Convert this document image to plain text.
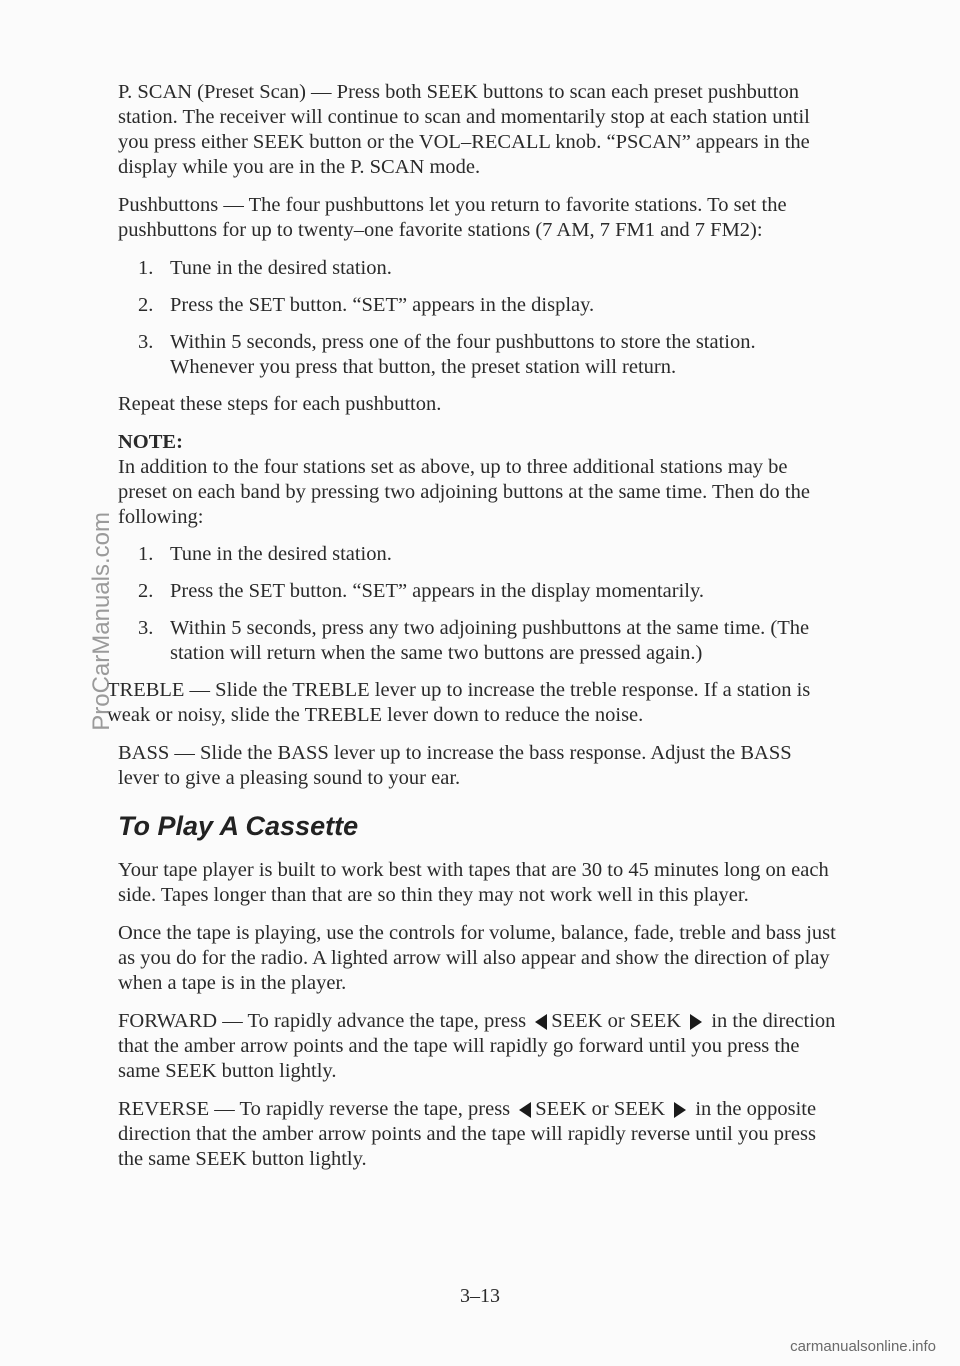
P. SCAN (Preset Scan) — Press both SEEK buttons to scan each preset pushbutton station. The receiver will continue to scan and momentarily stop at each station until you press either SEEK button or the VOL–RECALL knob. “PSCAN” appears in the display while you are in the P. SCAN mode.

Pushbuttons — The four pushbuttons let you return to favorite stations. To set the pushbuttons for up to twenty–one favorite stations (7 AM, 7 FM1 and 7 FM2):

1. Tune in the desired station.
2. Press the SET button. “SET” appears in the display.
3. Within 5 seconds, press one of the four pushbuttons to store the station. Whenever you press that button, the preset station will return.

Repeat these steps for each pushbutton.

NOTE:

In addition to the four stations set as above, up to three additional stations may be preset on each band by pressing two adjoining buttons at the same time. Then do the following:

1. Tune in the desired station.
2. Press the SET button. “SET” appears in the display momentarily.
3. Within 5 seconds, press any two adjoining pushbuttons at the same time. (The station will return when the same two buttons are pressed again.)

TREBLE — Slide the TREBLE lever up to increase the treble response. If a station is weak or noisy, slide the TREBLE lever down to reduce the noise.

BASS — Slide the BASS lever up to increase the bass response. Adjust the BASS lever to give a pleasing sound to your ear.

To Play A Cassette

Your tape player is built to work best with tapes that are 30 to 45 minutes long on each side. Tapes longer than that are so thin they may not work well in this player.

Once the tape is playing, use the controls for volume, balance, fade, treble and bass just as you do for the radio. A lighted arrow will also appear and show the direction of play when a tape is in the player.

FORWARD — To rapidly advance the tape, press SEEK or SEEK in the direction that the amber arrow points and the tape will rapidly go forward until you press the same SEEK button lightly.

REVERSE — To rapidly reverse the tape, press SEEK or SEEK in the opposite direction that the amber arrow points and the tape will rapidly reverse until you press the same SEEK button lightly.

3–13
ProCarManuals.com
carmanualsonline.info
